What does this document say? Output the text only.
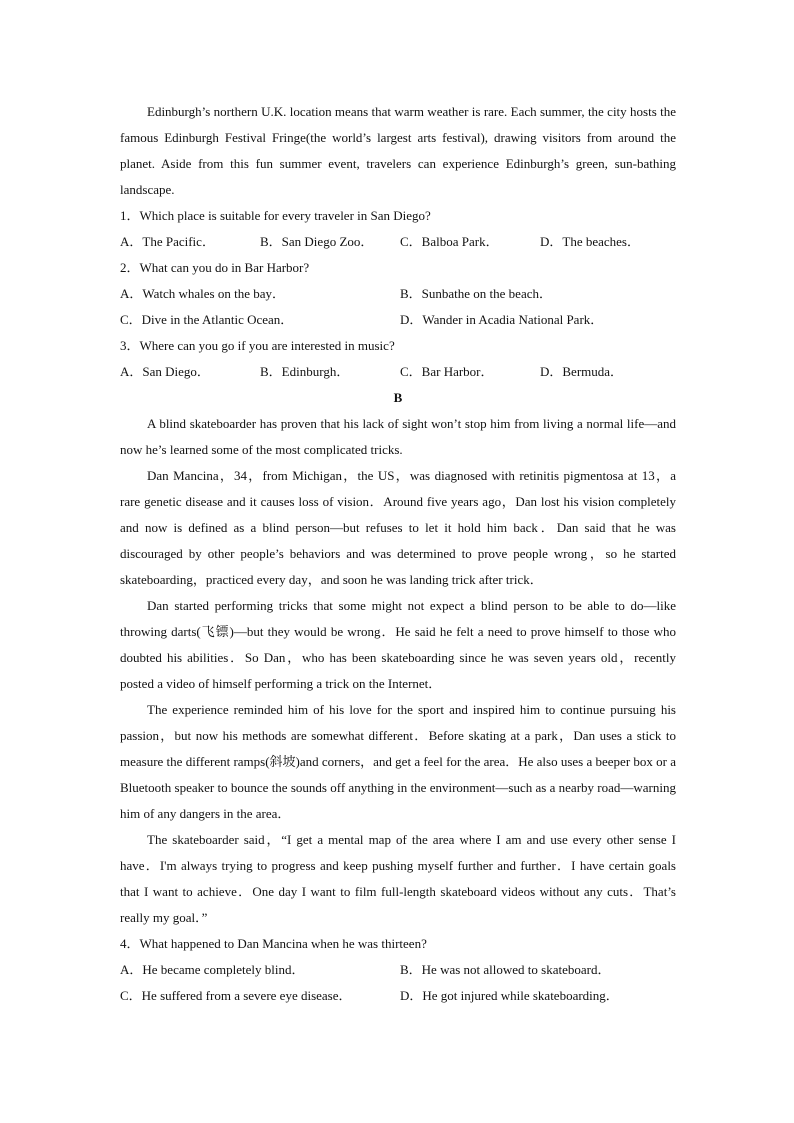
Edinburgh’s northern U.K. location means that warm weather is rare. Each summer, the city hosts the famous Edinburgh Festival Fringe(the world’s largest arts festival), drawing visitors from around the planet. Aside from this fun summer event, travelers can experience Edinburgh’s green, sun-bathing landscape.

1．Which place is suitable for every traveler in San Diego?

A．The Pacific．	B．San Diego Zoo．	C．Balboa Park．	D．The beaches．

2．What can you do in Bar Harbor?

A．Watch whales on the bay．	B．Sunbathe on the beach．
C．Dive in the Atlantic Ocean．	D．Wander in Acadia National Park．

3．Where can you go if you are interested in music?

A．San Diego．	B．Edinburgh．	C．Bar Harbor．	D．Bermuda．

B

A blind skateboarder has proven that his lack of sight won’t stop him from living a normal life—and now he’s learned some of the most complicated tricks.

Dan Mancina，34，from Michigan，the US，was diagnosed with retinitis pigmentosa at 13，a rare genetic disease and it causes loss of vision．Around five years ago，Dan lost his vision completely and now is defined as a blind person—but refuses to let it hold him back．Dan said that he was discouraged by other people’s behaviors and was determined to prove people wrong，so he started skateboarding，practiced every day，and soon he was landing trick after trick．

Dan started performing tricks that some might not expect a blind person to be able to do—like throwing darts(飞镖)—but they would be wrong．He said he felt a need to prove himself to those who doubted his abilities．So Dan，who has been skateboarding since he was seven years old，recently posted a video of himself performing a trick on the Internet．

The experience reminded him of his love for the sport and inspired him to continue pursuing his passion，but now his methods are somewhat different．Before skating at a park，Dan uses a stick to measure the different ramps(斜坡)and corners，and get a feel for the area．He also uses a beeper box or a Bluetooth speaker to bounce the sounds off anything in the environment—such as a nearby road—warning him of any dangers in the area．

The skateboarder said，“I get a mental map of the area where I am and use every other sense I have．I'm always trying to progress and keep pushing myself further and further．I have certain goals that I want to achieve．One day I want to film full-length skateboard videos without any cuts．That’s really my goal．”

4．What happened to Dan Mancina when he was thirteen?

A．He became completely blind．	B．He was not allowed to skateboard．
C．He suffered from a severe eye disease．	D．He got injured while skateboarding．
